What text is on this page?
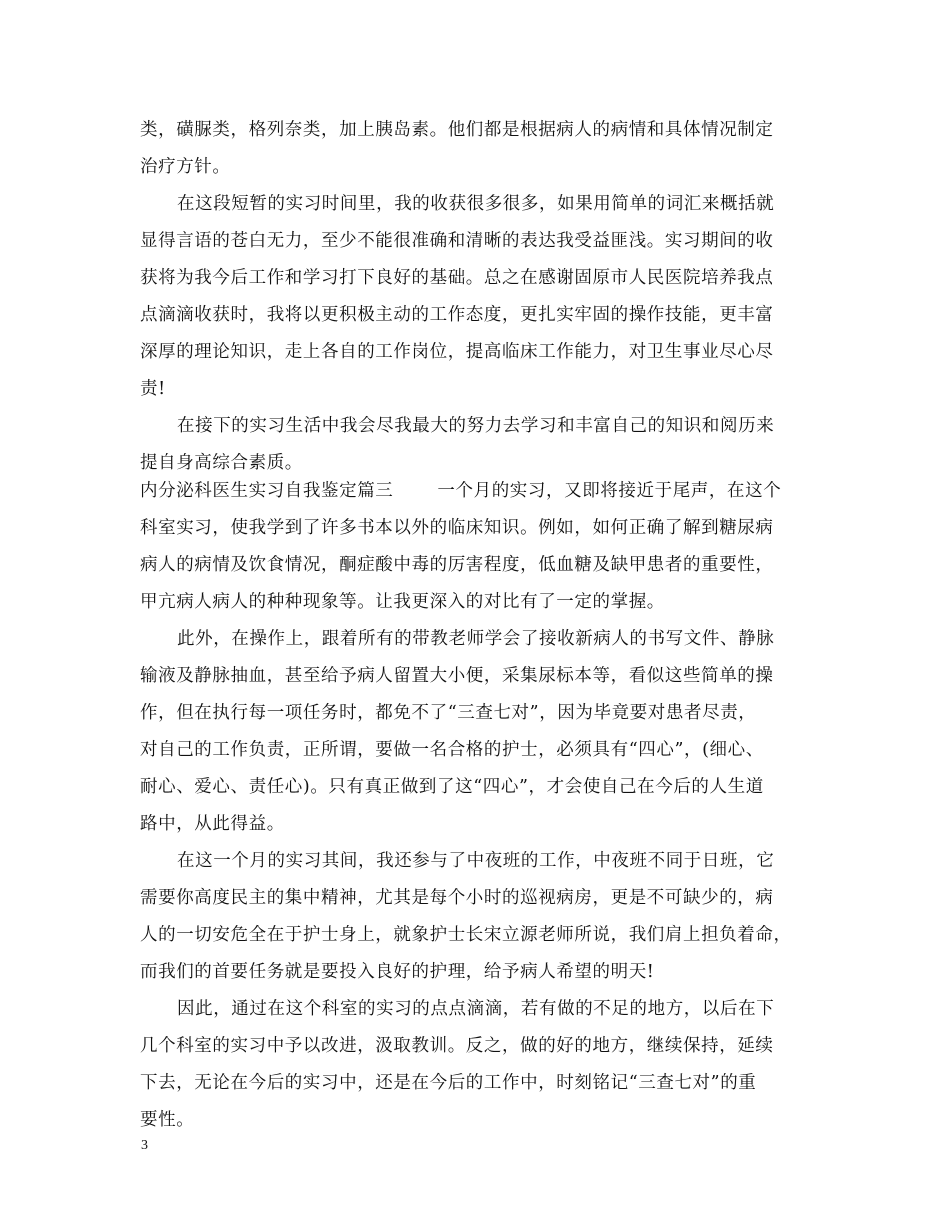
类，磺脲类，格列奈类，加上胰岛素。他们都是根据病人的病情和具体情况制定
治疗方针。
在这段短暂的实习时间里，我的收获很多很多，如果用简单的词汇来概括就
显得言语的苍白无力，至少不能很准确和清晰的表达我受益匪浅。实习期间的收
获将为我今后工作和学习打下良好的基础。总之在感谢固原市人民医院培养我点
点滴滴收获时，我将以更积极主动的工作态度，更扎实牢固的操作技能，更丰富
深厚的理论知识，走上各自的工作岗位，提高临床工作能力，对卫生事业尽心尽
责!
在接下的实习生活中我会尽我最大的努力去学习和丰富自己的知识和阅历来
提自身高综合素质。
内分泌科医生实习自我鉴定篇三	一个月的实习，又即将接近于尾声，在这个
科室实习，使我学到了许多书本以外的临床知识。例如，如何正确了解到糖尿病
病人的病情及饮食情况，酮症酸中毒的厉害程度，低血糖及缺甲患者的重要性，
甲亢病人病人的种种现象等。让我更深入的对比有了一定的掌握。
此外，在操作上，跟着所有的带教老师学会了接收新病人的书写文件、静脉
输液及静脉抽血，甚至给予病人留置大小便，采集尿标本等，看似这些简单的操
作，但在执行每一项任务时，都免不了“三查七对”，因为毕竟要对患者尽责，
对自己的工作负责，正所谓，要做一名合格的护士，必须具有“四心”，(细心、
耐心、爱心、责任心)。只有真正做到了这“四心”，才会使自己在今后的人生道
路中，从此得益。
在这一个月的实习其间，我还参与了中夜班的工作，中夜班不同于日班，它
需要你高度民主的集中精神，尤其是每个小时的巡视病房，更是不可缺少的，病
人的一切安危全在于护士身上，就象护士长宋立源老师所说，我们肩上担负着命，
而我们的首要任务就是要投入良好的护理，给予病人希望的明天!
因此，通过在这个科室的实习的点点滴滴，若有做的不足的地方，以后在下
几个科室的实习中予以改进，汲取教训。反之，做的好的地方，继续保持，延续
下去，无论在今后的实习中，还是在今后的工作中，时刻铭记“三查七对”的重
要性。
3
